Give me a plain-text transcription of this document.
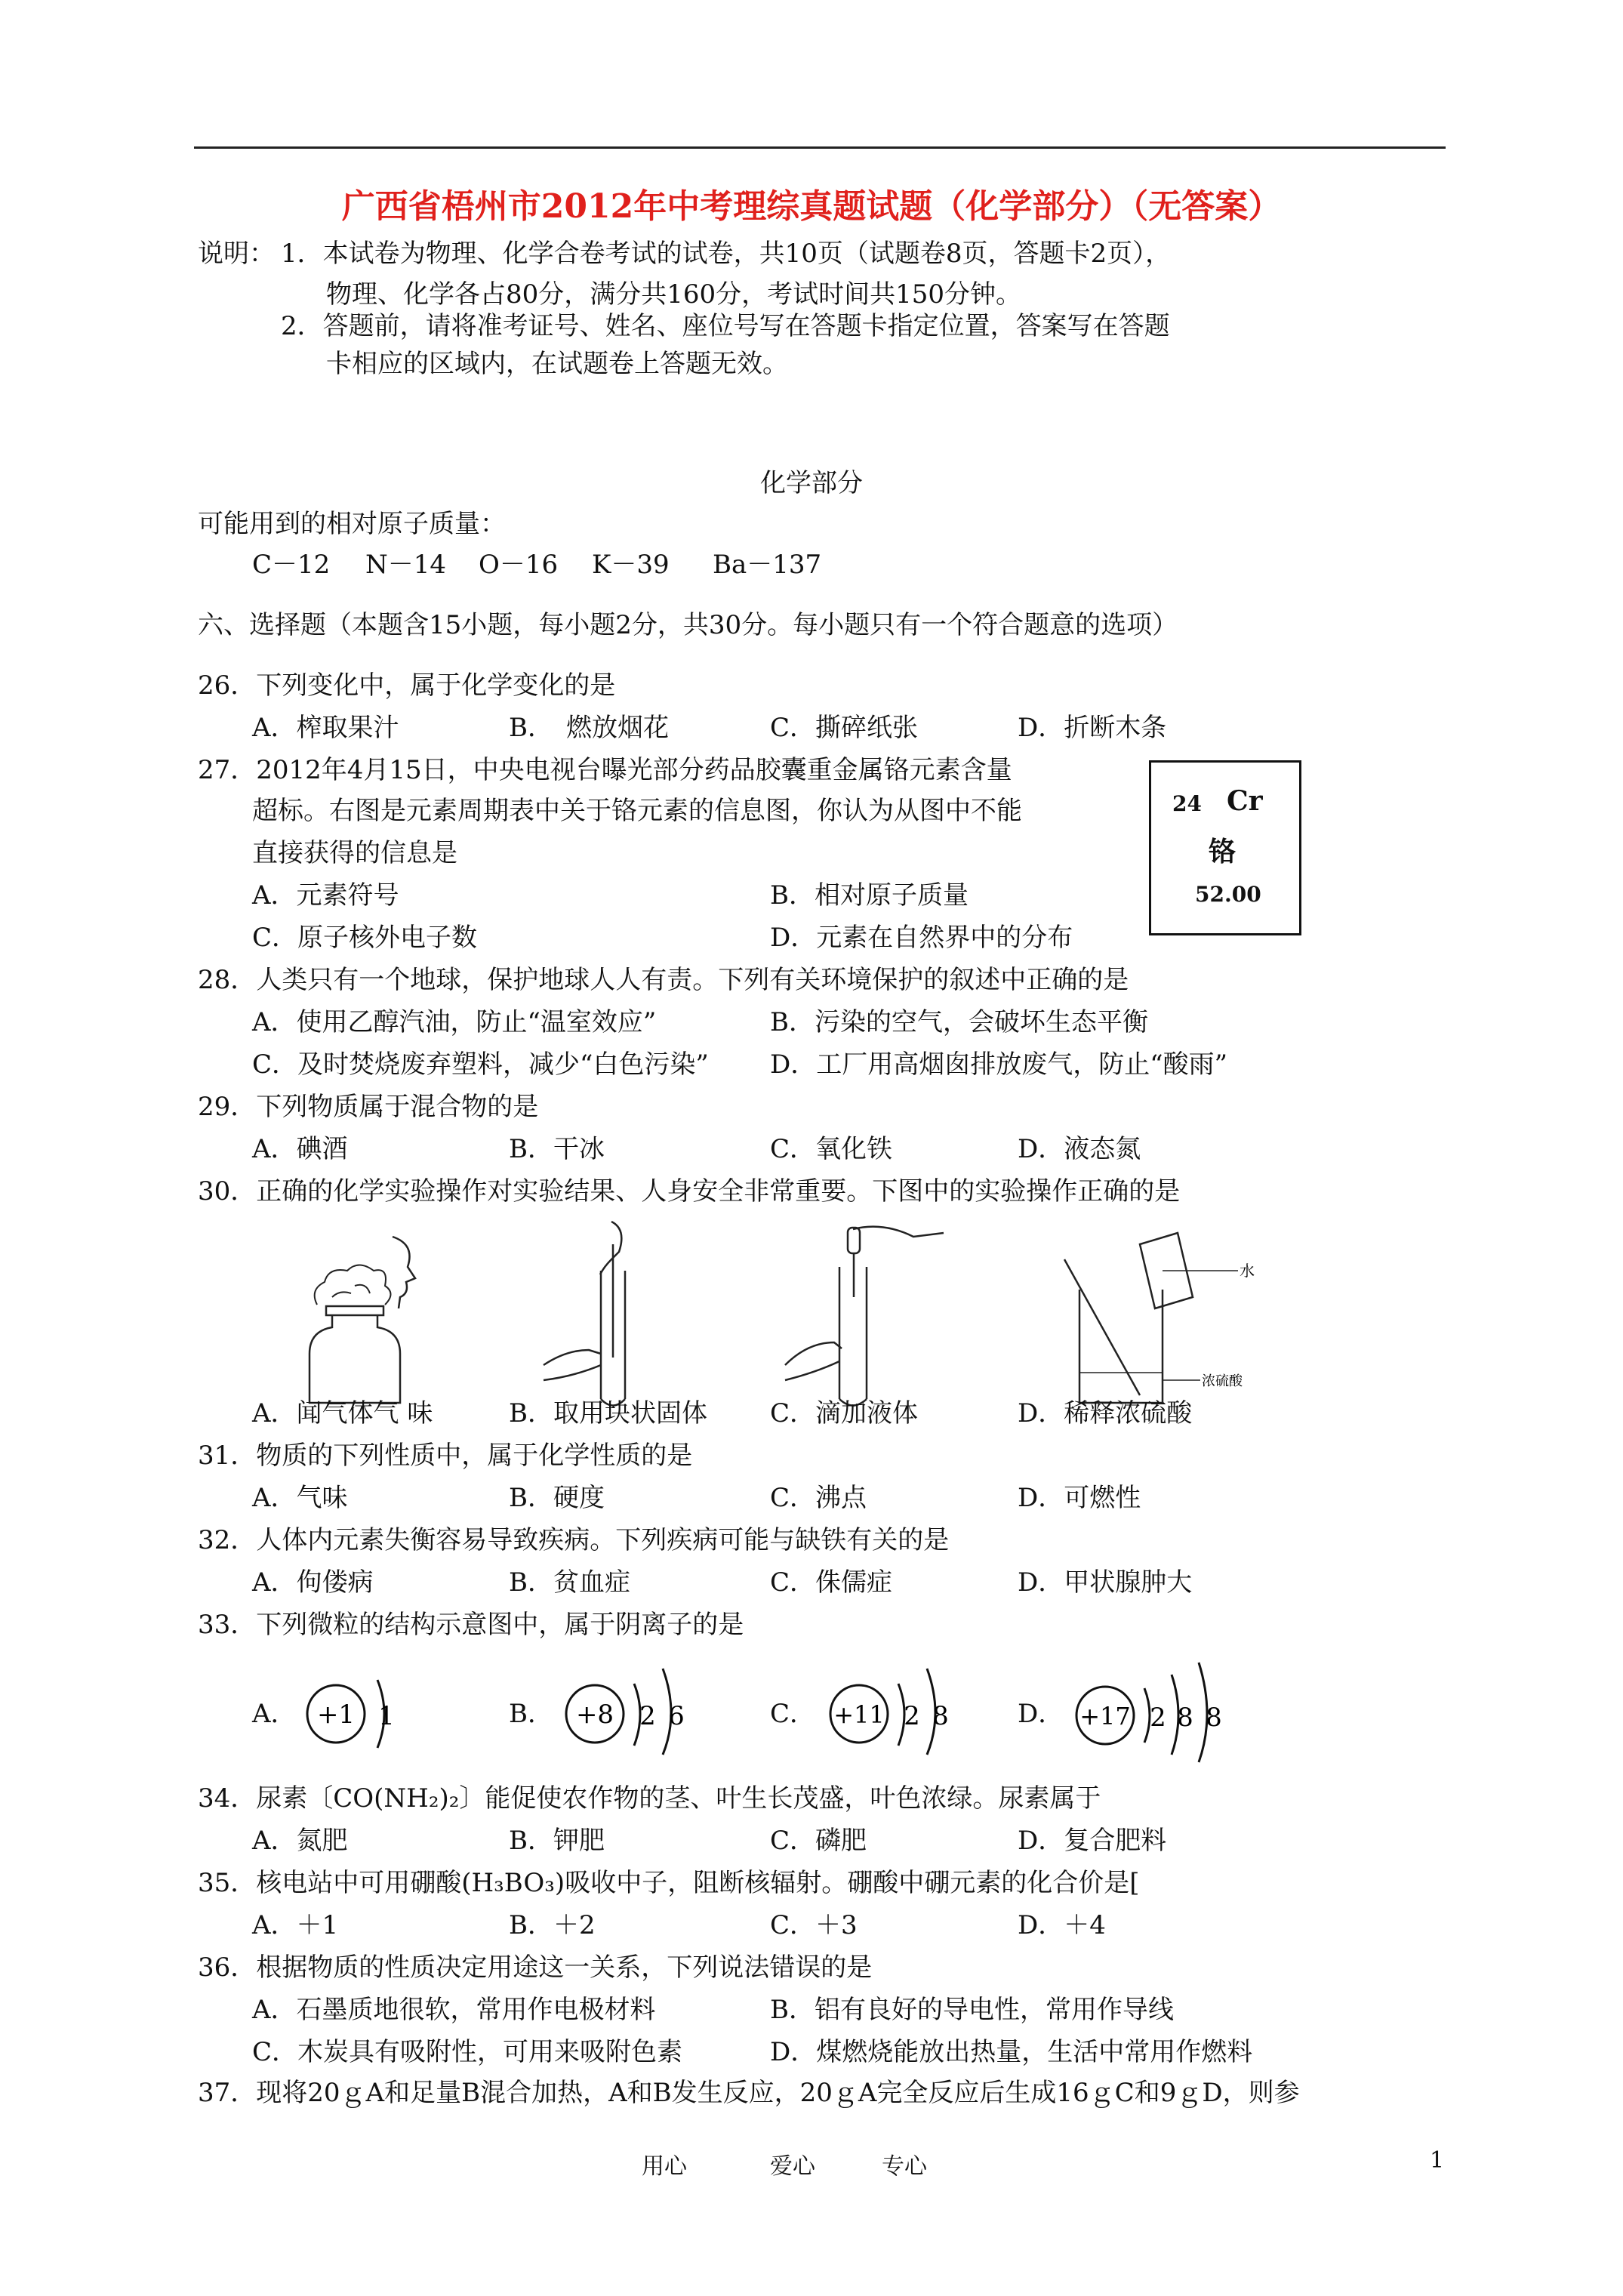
广西省梧州市2012年中考理综真题试题（化学部分）（无答案）
说明： 1．本试卷为物理、化学合卷考试的试卷，共10页（试题卷8页，答题卡2页），
物理、化学各占80分，满分共160分，考试时间共150分钟。
2．答题前，请将准考证号、姓名、座位号写在答题卡指定位置，答案写在答题
卡相应的区域内，在试题卷上答题无效。
化学部分
可能用到的相对原子质量：
C－12 N－14 O－16 K－39 Ba－137
六、选择题（本题含15小题，每小题2分，共30分。每小题只有一个符合题意的选项）
26．下列变化中，属于化学变化的是
A．榨取果汁	B．　燃放烟花	C．撕碎纸张	D．折断木条
27．2012年4月15日，中央电视台曝光部分药品胶囊重金属铬元素含量
超标。右图是元素周期表中关于铬元素的信息图，你认为从图中不能
直接获得的信息是
A．元素符号	B．相对原子质量
C．原子核外电子数	D．元素在自然界中的分布
24 Cr
铬
52.00
28．人类只有一个地球，保护地球人人有责。下列有关环境保护的叙述中正确的是
A．使用乙醇汽油，防止“温室效应”	B．污染的空气，会破坏生态平衡
C．及时焚烧废弃塑料，减少“白色污染” D．工厂用高烟囱排放废气，防止“酸雨”
29．下列物质属于混合物的是
A．碘酒	B．干冰	C．氧化铁	D．液态氮
30．正确的化学实验操作对实验结果、人身安全非常重要。下图中的实验操作正确的是
水
浓硫酸
A．闻气体气 味	B．取用块状固体 C．滴加液体	D．稀释浓硫酸
31．物质的下列性质中，属于化学性质的是
A．气味	B．硬度	C．沸点	D．可燃性
32．人体内元素失衡容易导致疾病。下列疾病可能与缺铁有关的是
A．佝偻病	B．贫血症	C．侏儒症	D．甲状腺肿大
33．下列微粒的结构示意图中，属于阴离子的是
A．	B．	C．	D．
+1 1	+8 2 6	+11 2 8	+17 2 8 8
34．尿素〔CO(NH₂)₂〕能促使农作物的茎、叶生长茂盛，叶色浓绿。尿素属于
A．氮肥	B．钾肥	C．磷肥	D．复合肥料
35．核电站中可用硼酸(H₃BO₃)吸收中子，阻断核辐射。硼酸中硼元素的化合价是[
A．＋1	B．＋2	C．＋3	D．＋4
36．根据物质的性质决定用途这一关系，下列说法错误的是
A．石墨质地很软，常用作电极材料	B．铝有良好的导电性，常用作导线
C．木炭具有吸附性，可用来吸附色素	D．煤燃烧能放出热量，生活中常用作燃料
37．现将20ｇA和足量B混合加热，A和B发生反应，20ｇA完全反应后生成16ｇC和9ｇD，则参
用心	爱心	专心	1
